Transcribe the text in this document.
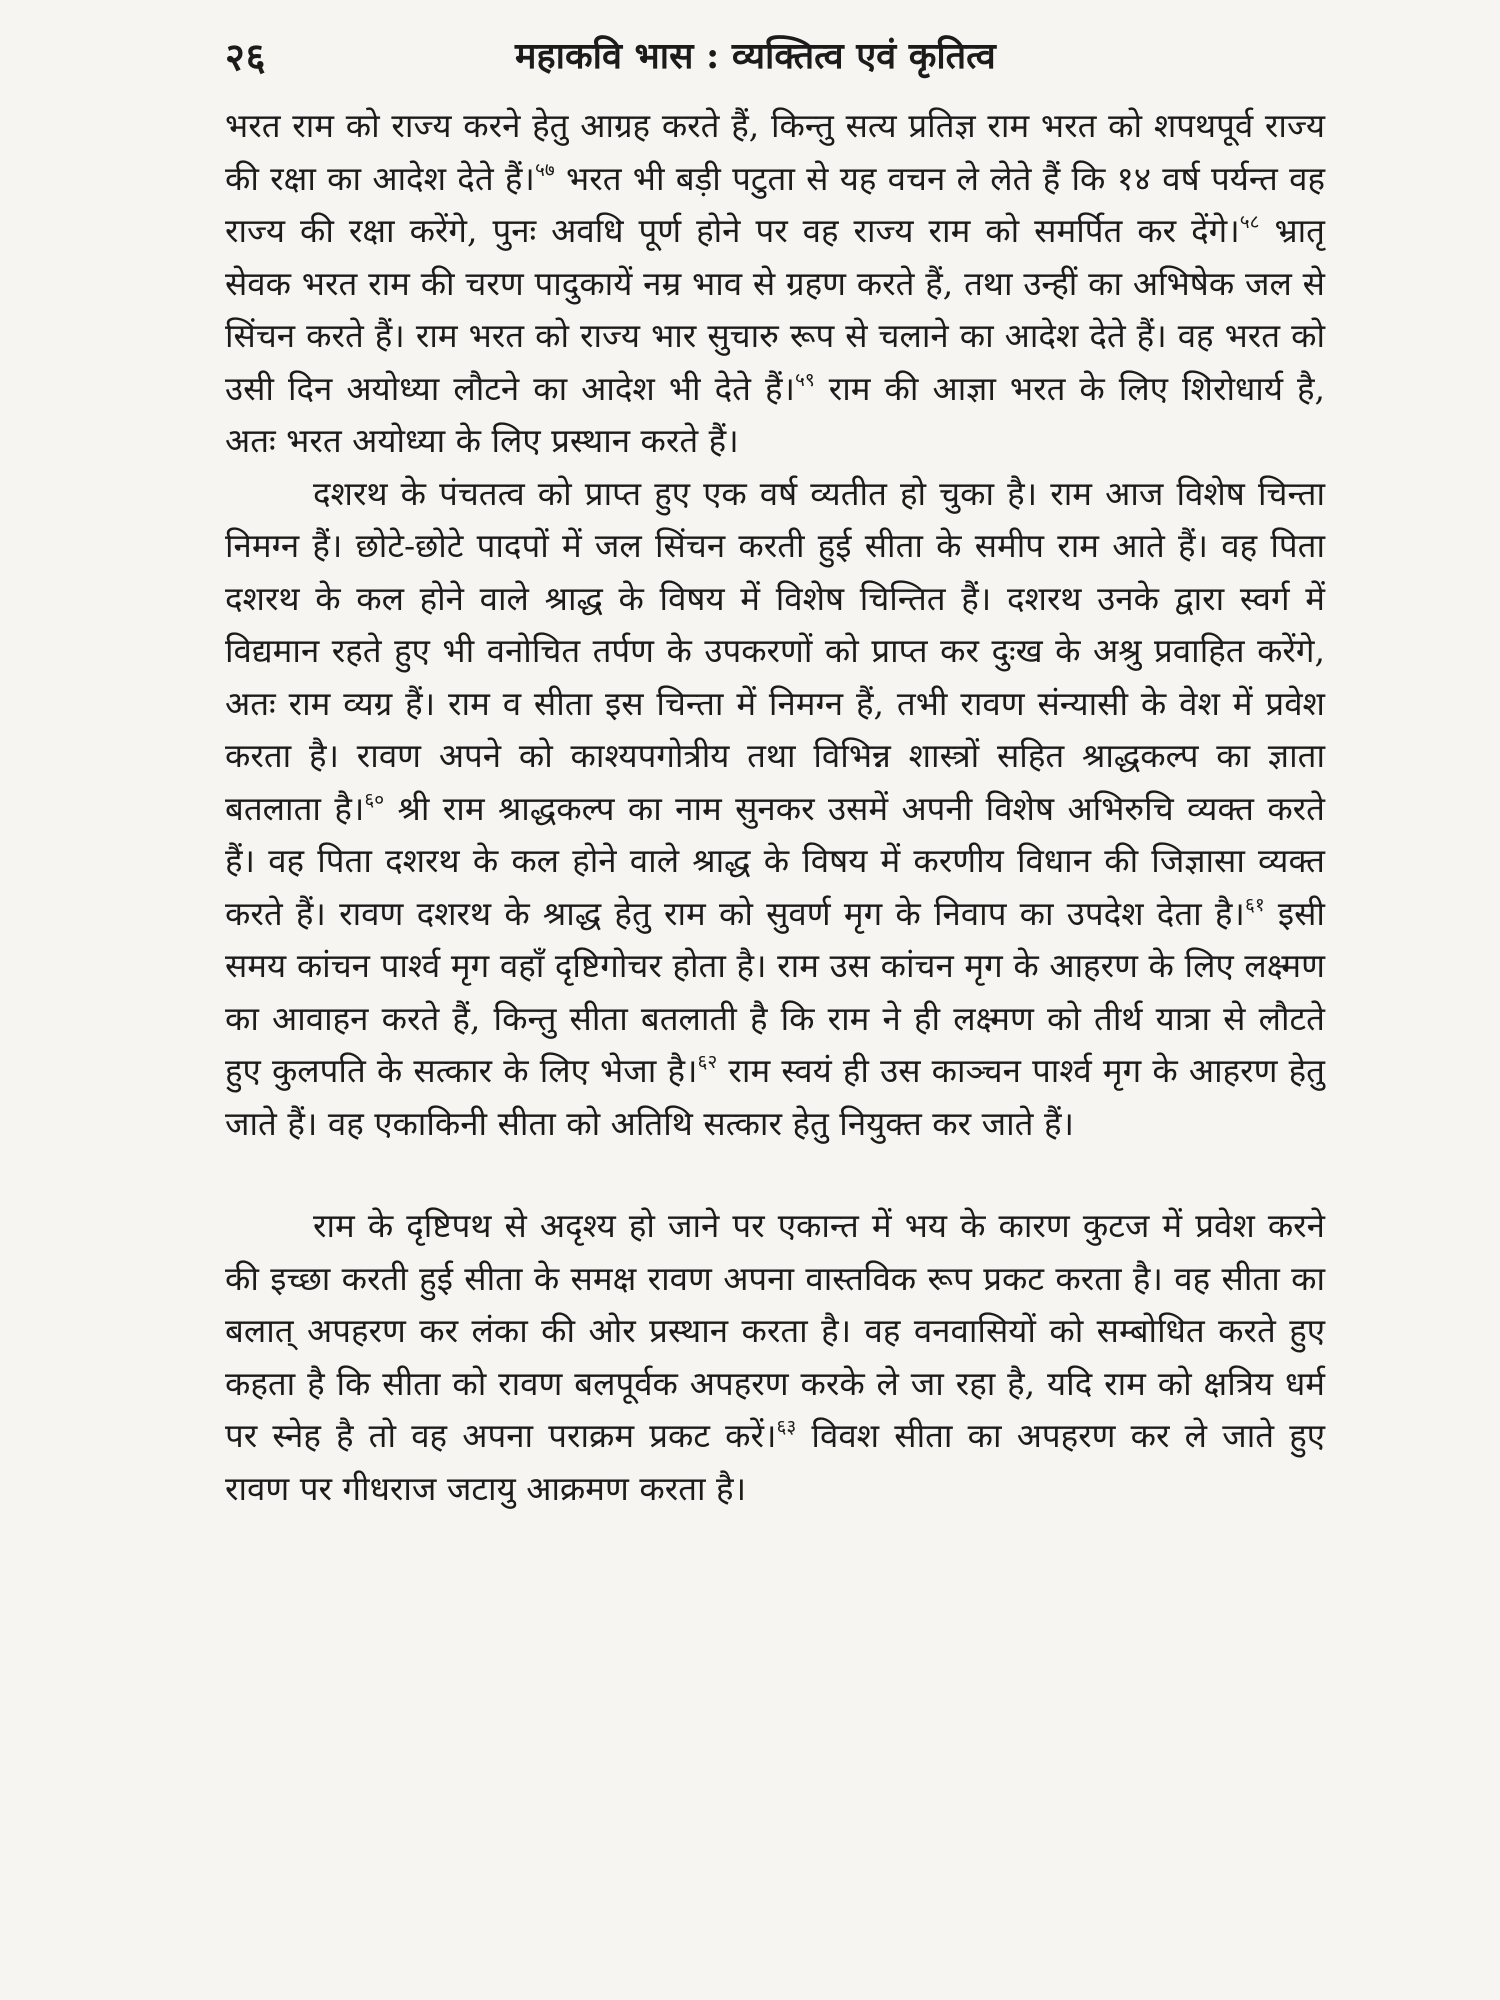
२६	महाकवि भास : व्यक्तित्व एवं कृतित्व

भरत राम को राज्य करने हेतु आग्रह करते हैं, किन्तु सत्य प्रतिज्ञ राम भरत को शपथपूर्व राज्य की रक्षा का आदेश देते हैं।$^{५७}$ भरत भी बड़ी पटुता से यह वचन ले लेते हैं कि १४ वर्ष पर्यन्त वह राज्य की रक्षा करेंगे, पुनः अवधि पूर्ण होने पर वह राज्य राम को समर्पित कर देंगे।$^{५८}$ भ्रातृ सेवक भरत राम की चरण पादुकायें नम्र भाव से ग्रहण करते हैं, तथा उन्हीं का अभिषेक जल से सिंचन करते हैं। राम भरत को राज्य भार सुचारु रूप से चलाने का आदेश देते हैं। वह भरत को उसी दिन अयोध्या लौटने का आदेश भी देते हैं।$^{५९}$ राम की आज्ञा भरत के लिए शिरोधार्य है, अतः भरत अयोध्या के लिए प्रस्थान करते हैं।

दशरथ के पंचतत्व को प्राप्त हुए एक वर्ष व्यतीत हो चुका है। राम आज विशेष चिन्ता निमग्न हैं। छोटे-छोटे पादपों में जल सिंचन करती हुई सीता के समीप राम आते हैं। वह पिता दशरथ के कल होने वाले श्राद्ध के विषय में विशेष चिन्तित हैं। दशरथ उनके द्वारा स्वर्ग में विद्यमान रहते हुए भी वनोचित तर्पण के उपकरणों को प्राप्त कर दुःख के अश्रु प्रवाहित करेंगे, अतः राम व्यग्र हैं। राम व सीता इस चिन्ता में निमग्न हैं, तभी रावण संन्यासी के वेश में प्रवेश करता है। रावण अपने को काश्यपगोत्रीय तथा विभिन्न शास्त्रों सहित श्राद्धकल्प का ज्ञाता बतलाता है।$^{६०}$ श्री राम श्राद्धकल्प का नाम सुनकर उसमें अपनी विशेष अभिरुचि व्यक्त करते हैं। वह पिता दशरथ के कल होने वाले श्राद्ध के विषय में करणीय विधान की जिज्ञासा व्यक्त करते हैं। रावण दशरथ के श्राद्ध हेतु राम को सुवर्ण मृग के निवाप का उपदेश देता है।$^{६१}$ इसी समय कांचन पार्श्व मृग वहाँ दृष्टिगोचर होता है। राम उस कांचन मृग के आहरण के लिए लक्ष्मण का आवाहन करते हैं, किन्तु सीता बतलाती है कि राम ने ही लक्ष्मण को तीर्थ यात्रा से लौटते हुए कुलपति के सत्कार के लिए भेजा है।$^{६२}$ राम स्वयं ही उस काञ्चन पार्श्व मृग के आहरण हेतु जाते हैं। वह एकाकिनी सीता को अतिथि सत्कार हेतु नियुक्त कर जाते हैं।

राम के दृष्टिपथ से अदृश्य हो जाने पर एकान्त में भय के कारण कुटज में प्रवेश करने की इच्छा करती हुई सीता के समक्ष रावण अपना वास्तविक रूप प्रकट करता है। वह सीता का बलात् अपहरण कर लंका की ओर प्रस्थान करता है। वह वनवासियों को सम्बोधित करते हुए कहता है कि सीता को रावण बलपूर्वक अपहरण करके ले जा रहा है, यदि राम को क्षत्रिय धर्म पर स्नेह है तो वह अपना पराक्रम प्रकट करें।$^{६३}$ विवश सीता का अपहरण कर ले जाते हुए रावण पर गीधराज जटायु आक्रमण करता है।
